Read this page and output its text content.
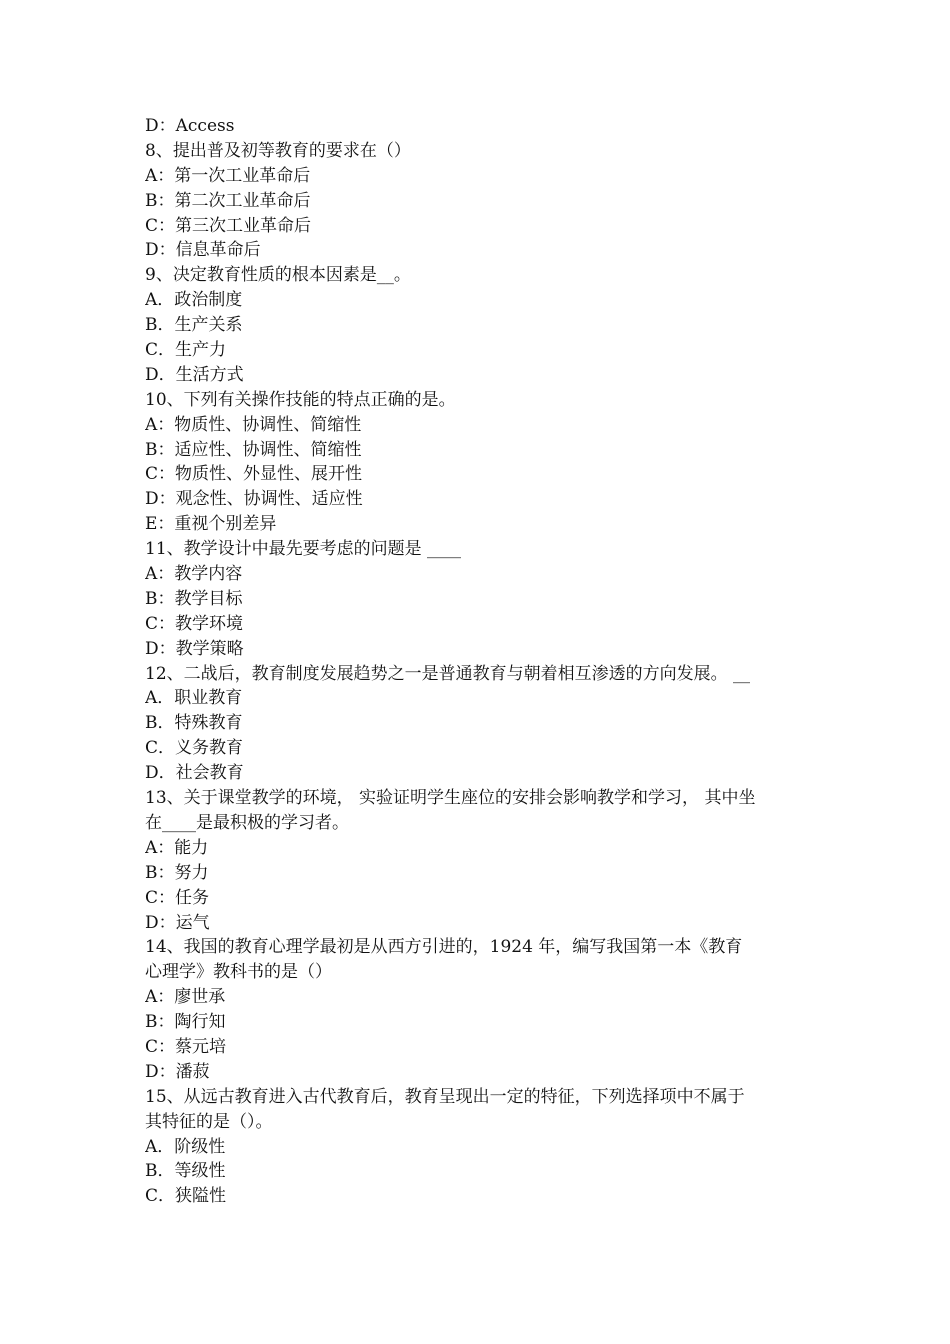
D：Access
8、提出普及初等教育的要求在（）
A：第一次工业革命后
B：第二次工业革命后
C：第三次工业革命后
D：信息革命后
9、决定教育性质的根本因素是__。
A．政治制度
B．生产关系
C．生产力
D．生活方式
10、下列有关操作技能的特点正确的是。
A：物质性、协调性、简缩性
B：适应性、协调性、简缩性
C：物质性、外显性、展开性
D：观念性、协调性、适应性
E：重视个别差异
11、教学设计中最先要考虑的问题是 ____
A：教学内容
B：教学目标
C：教学环境
D：教学策略
12、二战后，教育制度发展趋势之一是普通教育与朝着相互渗透的方向发展。 __
A．职业教育
B．特殊教育
C．义务教育
D．社会教育
13、关于课堂教学的环境， 实验证明学生座位的安排会影响教学和学习， 其中坐
在____是最积极的学习者。
A：能力
B：努力
C：任务
D：运气
14、我国的教育心理学最初是从西方引进的，1924 年，编写我国第一本《教育
心理学》教科书的是（）
A：廖世承
B：陶行知
C：蔡元培
D：潘菽
15、从远古教育进入古代教育后，教育呈现出一定的特征，下列选择项中不属于
其特征的是（）。
A．阶级性
B．等级性
C．狭隘性
